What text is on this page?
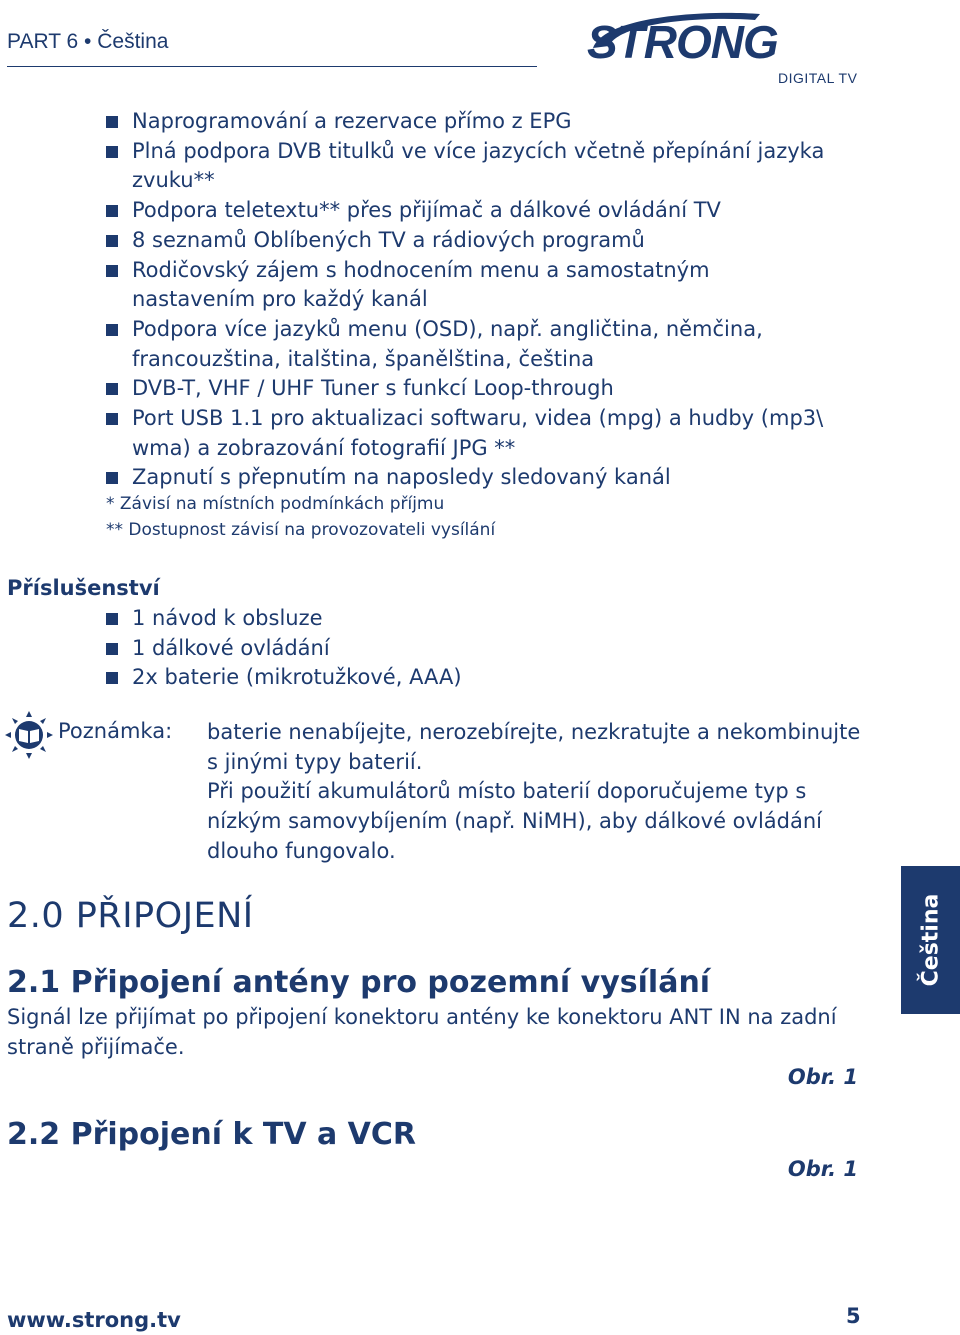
PART 6 • Čeština	STRONG
DIGITAL TV
Naprogramování a rezervace přímo z EPG
Plná podpora DVB titulků ve více jazycích včetně přepínání jazyka zvuku**
Podpora teletextu** přes přijímač a dálkové ovládání TV
8 seznamů Oblíbených TV a rádiových programů
Rodičovský zájem s hodnocením menu a samostatným nastavením pro každý kanál
Podpora více jazyků menu (OSD), např. angličtina, němčina, francouzština, italština, španělština, čeština
DVB-T, VHF / UHF Tuner s funkcí Loop-through
Port USB 1.1 pro aktualizaci softwaru, videa (mpg) a hudby (mp3\ wma) a zobrazování fotografií JPG **
Zapnutí s přepnutím na naposledy sledovaný kanál
* Závisí na místních podmínkách příjmu
** Dostupnost závisí na provozovateli vysílání
Příslušenství
1 návod k obsluze
1 dálkové ovládání
2x baterie (mikrotužkové, AAA)
Poznámka: baterie nenabíjejte, nerozebírejte, nezkratujte a nekombinujte s jinými typy baterií.

Při použití akumulátorů místo baterií doporučujeme typ s nízkým samovybíjením (např. NiMH), aby dálkové ovládání dlouho fungovalo.

2.0 PŘIPOJENÍ
2.1 Připojení antény pro pozemní vysílání
Signál lze přijímat po připojení konektoru antény ke konektoru ANT IN na zadní straně přijímače.
Obr. 1
2.2 Připojení k TV a VCR
Obr. 1
Čeština
www.strong.tv	5
